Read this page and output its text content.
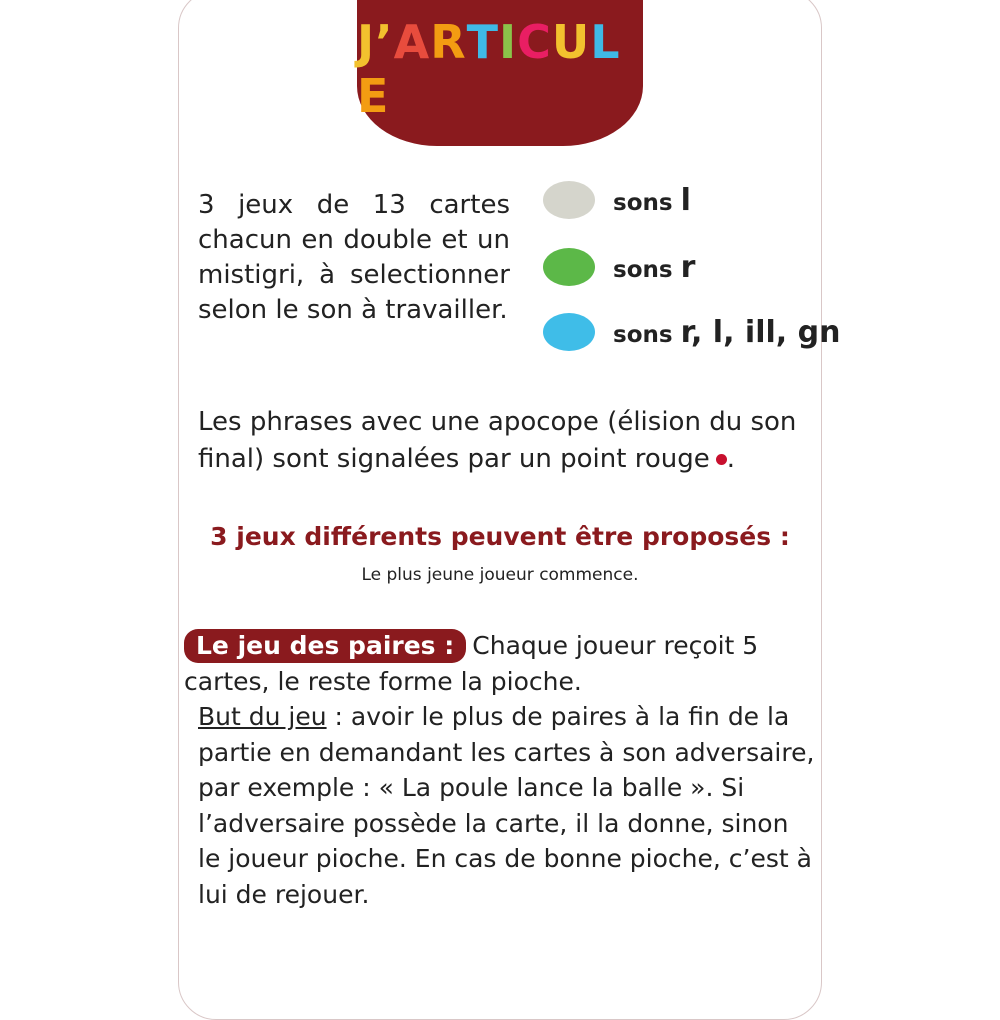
J’ARTICULE
3 jeux de 13 cartes chacun en double et un mistigri, à selectionner selon le son à travailler.
sons l
sons r
sons r, l, ill, gn
Les phrases avec une apocope (élision du son final) sont signalées par un point rouge .
3 jeux différents peuvent être proposés :
Le plus jeune joueur commence.
Le jeu des paires : Chaque joueur reçoit 5 cartes, le reste forme la pioche.
But du jeu : avoir le plus de paires à la fin de la partie en demandant les cartes à son adversaire, par exemple : « La poule lance la balle ». Si l’adversaire possède la carte, il la donne, sinon le joueur pioche. En cas de bonne pioche, c’est à lui de rejouer.
